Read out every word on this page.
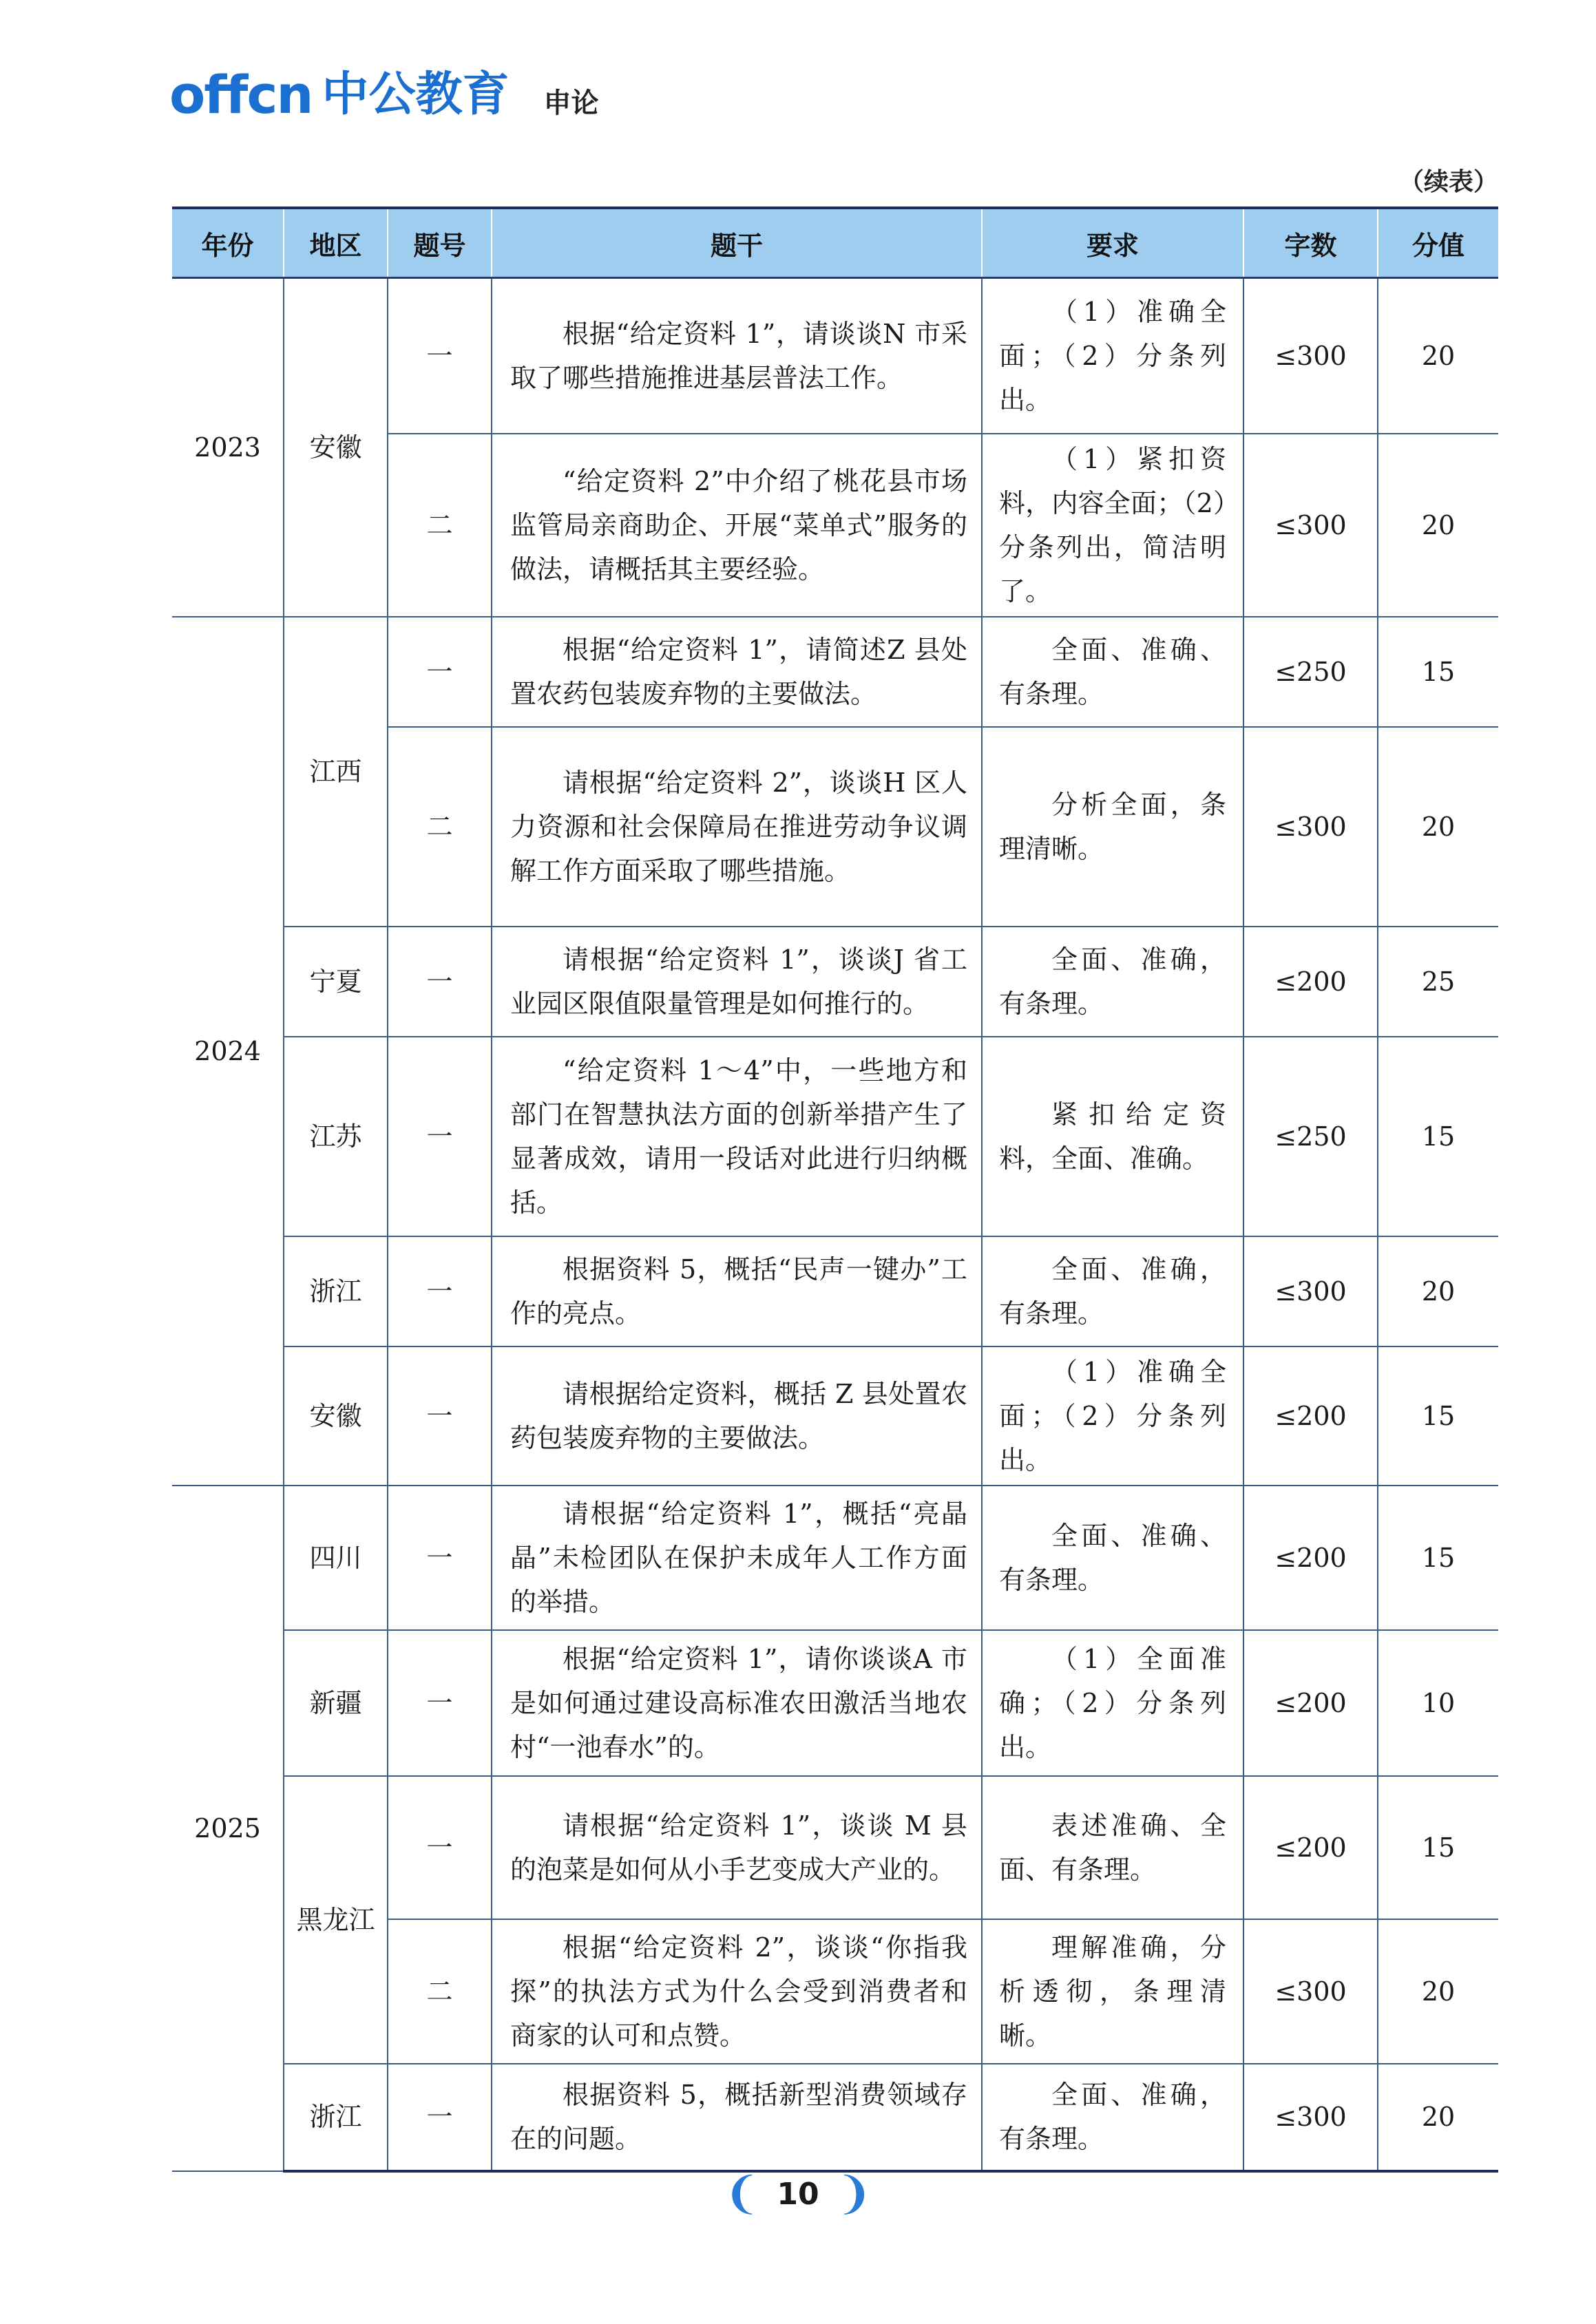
offcn 中公教育 申论
（续表）
年份	地区	题号	题干	要求	字数	分值
2023	安徽	一	根据“给定资料 1”，请谈谈N 市采取了哪些措施推进基层普法工作。	（1）准确全面；（2）分条列出。	≤300	20
		二	“给定资料 2”中介绍了桃花县市场监管局亲商助企、开展“菜单式”服务的做法，请概括其主要经验。	（1）紧扣资料，内容全面；（2）分条列出，简洁明了。	≤300	20
2024	江西	一	根据“给定资料 1”，请简述Z 县处置农药包装废弃物的主要做法。	全面、准确、有条理。	≤250	15
		二	请根据“给定资料 2”，谈谈H 区人力资源和社会保障局在推进劳动争议调解工作方面采取了哪些措施。	分析全面，条理清晰。	≤300	20
	宁夏	一	请根据“给定资料 1”，谈谈J 省工业园区限值限量管理是如何推行的。	全面、准确，有条理。	≤200	25
	江苏	一	“给定资料 1～4”中，一些地方和部门在智慧执法方面的创新举措产生了显著成效，请用一段话对此进行归纳概括。	紧扣给定资料，全面、准确。	≤250	15
	浙江	一	根据资料 5，概括“民声一键办”工作的亮点。	全面、准确，有条理。	≤300	20
	安徽	一	请根据给定资料，概括 Z 县处置农药包装废弃物的主要做法。	（1）准确全面；（2）分条列出。	≤200	15
2025	四川	一	请根据“给定资料 1”，概括“亮晶晶”未检团队在保护未成年人工作方面的举措。	全面、准确、有条理。	≤200	15
	新疆	一	根据“给定资料 1”，请你谈谈A 市是如何通过建设高标准农田激活当地农村“一池春水”的。	（1）全面准确；（2）分条列出。	≤200	10
	黑龙江	一	请根据“给定资料 1”，谈谈 M 县的泡菜是如何从小手艺变成大产业的。	表述准确、全面、有条理。	≤200	15
		二	根据“给定资料 2”，谈谈“你指我探”的执法方式为什么会受到消费者和商家的认可和点赞。	理解准确，分析透彻，条理清晰。	≤300	20
	浙江	一	根据资料 5，概括新型消费领域存在的问题。	全面、准确，有条理。	≤300	20
❨ 10 ❩
